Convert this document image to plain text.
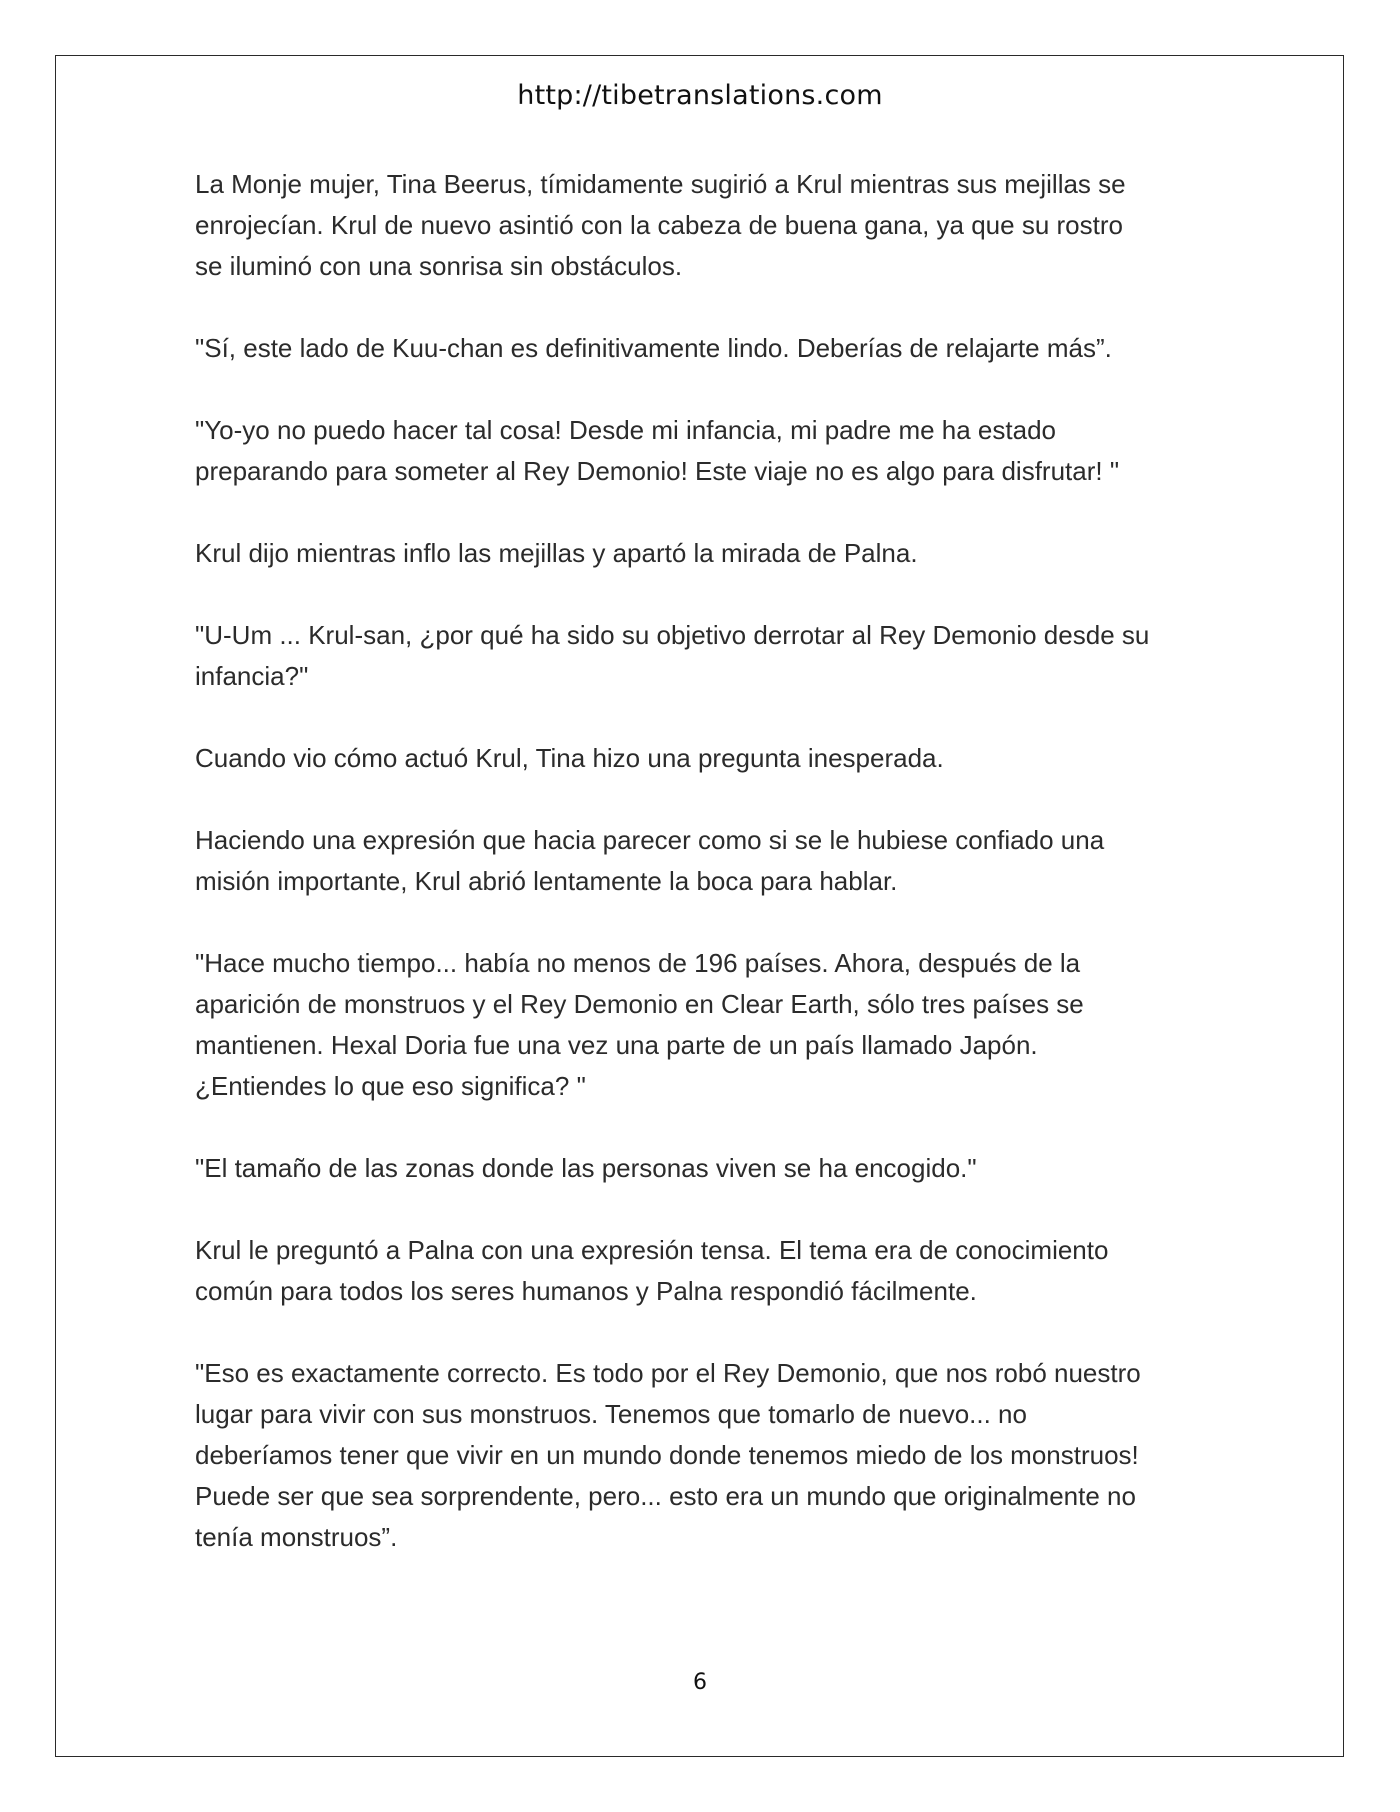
http://tibetranslations.com

La Monje mujer, Tina Beerus, tímidamente sugirió a Krul mientras sus mejillas se
enrojecían. Krul de nuevo asintió con la cabeza de buena gana, ya que su rostro
se iluminó con una sonrisa sin obstáculos.

"Sí, este lado de Kuu-chan es definitivamente lindo. Deberías de relajarte más”.

"Yo-yo no puedo hacer tal cosa! Desde mi infancia, mi padre me ha estado
preparando para someter al Rey Demonio! Este viaje no es algo para disfrutar! "

Krul dijo mientras inflo las mejillas y apartó la mirada de Palna.

"U-Um ... Krul-san, ¿por qué ha sido su objetivo derrotar al Rey Demonio desde su
infancia?"

Cuando vio cómo actuó Krul, Tina hizo una pregunta inesperada.

Haciendo una expresión que hacia parecer como si se le hubiese confiado una
misión importante, Krul abrió lentamente la boca para hablar.

"Hace mucho tiempo... había no menos de 196 países. Ahora, después de la
aparición de monstruos y el Rey Demonio en Clear Earth, sólo tres países se
mantienen. Hexal Doria fue una vez una parte de un país llamado Japón.
¿Entiendes lo que eso significa? "

"El tamaño de las zonas donde las personas viven se ha encogido."

Krul le preguntó a Palna con una expresión tensa. El tema era de conocimiento
común para todos los seres humanos y Palna respondió fácilmente.

"Eso es exactamente correcto. Es todo por el Rey Demonio, que nos robó nuestro
lugar para vivir con sus monstruos. Tenemos que tomarlo de nuevo... no
deberíamos tener que vivir en un mundo donde tenemos miedo de los monstruos!
Puede ser que sea sorprendente, pero... esto era un mundo que originalmente no
tenía monstruos”.

6
